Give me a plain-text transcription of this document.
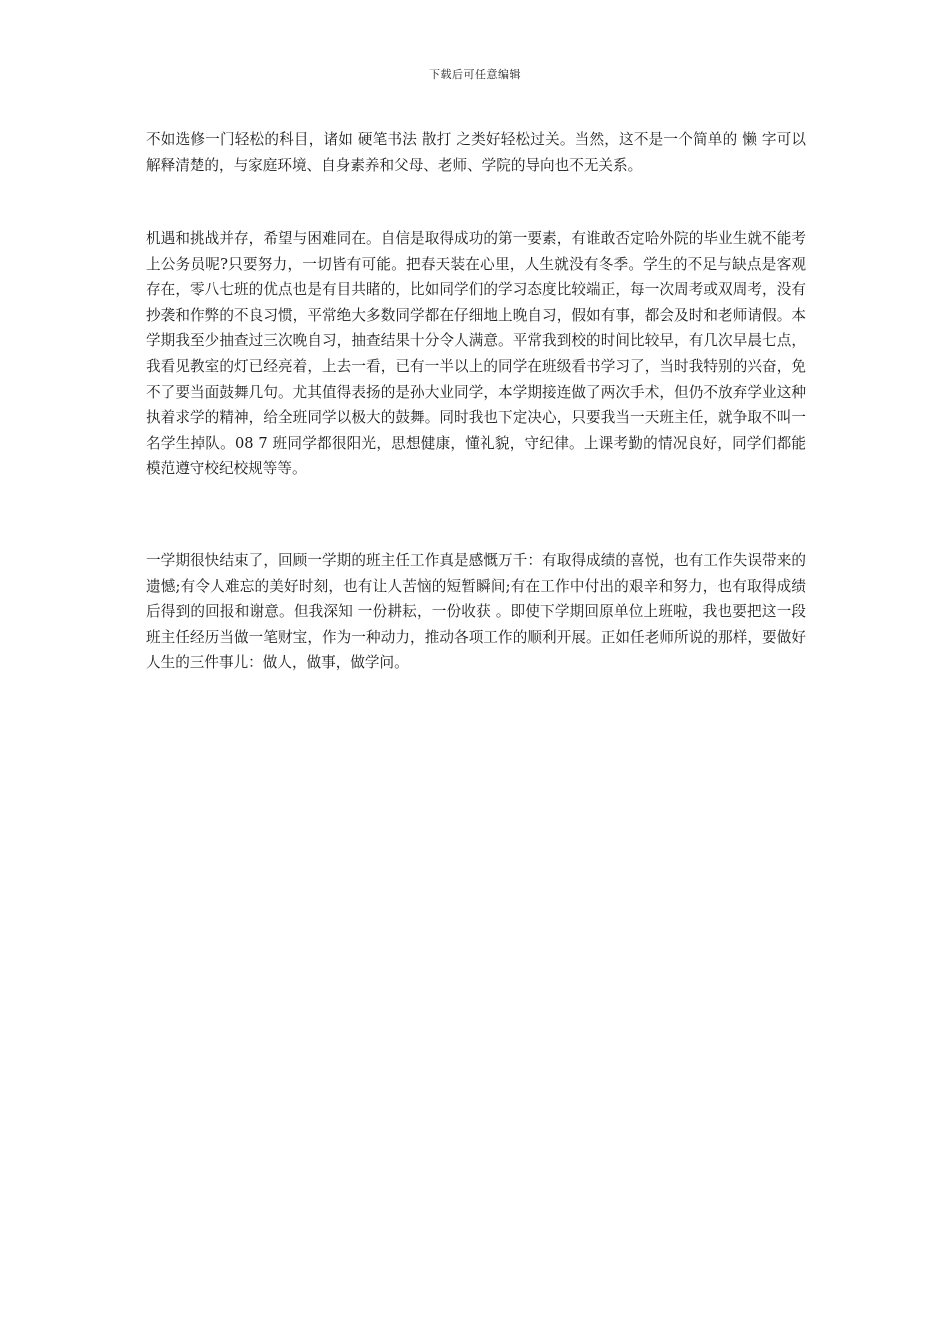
下载后可任意编辑

不如选修一门轻松的科目，诸如 硬笔书法 散打 之类好轻松过关。当然，这不是一个简单的 懒 字可以解释清楚的，与家庭环境、自身素养和父母、老师、学院的导向也不无关系。

机遇和挑战并存，希望与困难同在。自信是取得成功的第一要素，有谁敢否定哈外院的毕业生就不能考上公务员呢?只要努力，一切皆有可能。把春天装在心里，人生就没有冬季。学生的不足与缺点是客观存在，零八七班的优点也是有目共睹的，比如同学们的学习态度比较端正，每一次周考或双周考，没有抄袭和作弊的不良习惯，平常绝大多数同学都在仔细地上晚自习，假如有事，都会及时和老师请假。本学期我至少抽查过三次晚自习，抽查结果十分令人满意。平常我到校的时间比较早，有几次早晨七点，我看见教室的灯已经亮着，上去一看，已有一半以上的同学在班级看书学习了，当时我特别的兴奋，免不了要当面鼓舞几句。尤其值得表扬的是孙大业同学，本学期接连做了两次手术，但仍不放弃学业这种执着求学的精神，给全班同学以极大的鼓舞。同时我也下定决心，只要我当一天班主任，就争取不叫一名学生掉队。08 7 班同学都很阳光，思想健康，懂礼貌，守纪律。上课考勤的情况良好，同学们都能模范遵守校纪校规等等。

一学期很快结束了，回顾一学期的班主任工作真是感慨万千：有取得成绩的喜悦，也有工作失误带来的遗憾;有令人难忘的美好时刻，也有让人苦恼的短暂瞬间;有在工作中付出的艰辛和努力，也有取得成绩后得到的回报和谢意。但我深知 一份耕耘，一份收获 。即使下学期回原单位上班啦，我也要把这一段班主任经历当做一笔财宝，作为一种动力，推动各项工作的顺利开展。正如任老师所说的那样，要做好人生的三件事儿：做人，做事，做学问。
